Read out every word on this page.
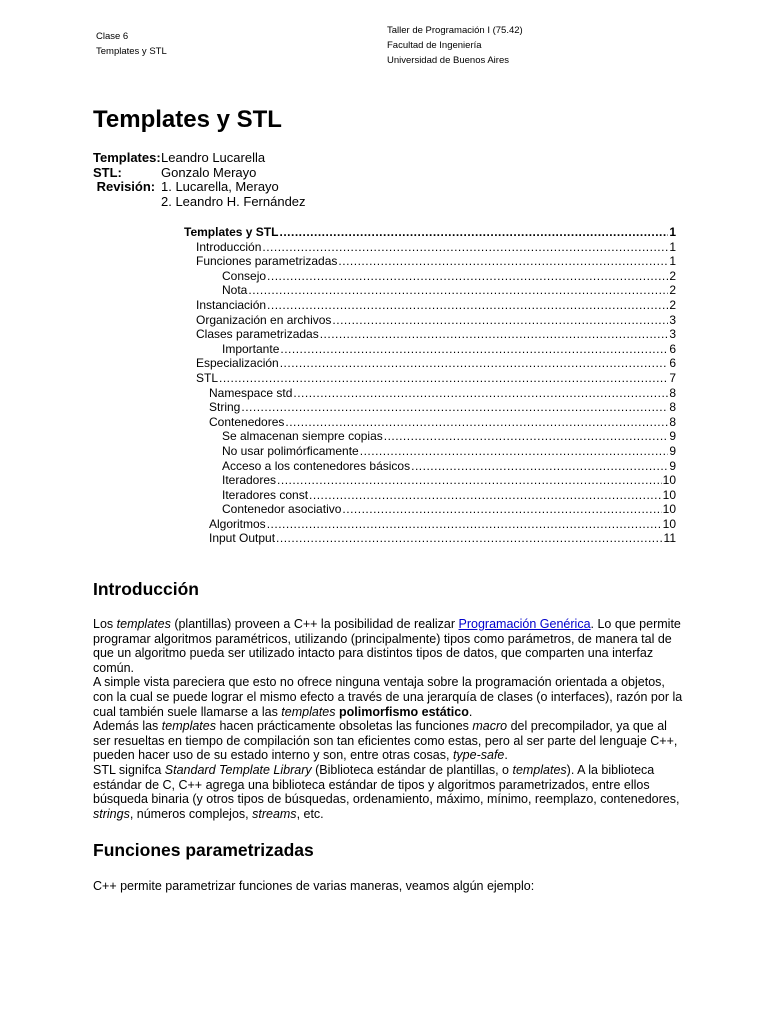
Clase 6
Templates y STL
Taller de Programación I (75.42)
Facultad de Ingeniería
Universidad de Buenos Aires
Templates y STL
Templates: Leandro Lucarella
STL:	Gonzalo Merayo
Revisión: 1. Lucarella, Merayo
2. Leandro H. Fernández
Templates y STL .....	1
Introducción .....	1
Funciones parametrizadas .....	1
Consejo .....	2
Nota .....	2
Instanciación .....	2
Organización en archivos .....	3
Clases parametrizadas .....	3
Importante .....	6
Especialización .....	6
STL .....	7
Namespace std .....	8
String .....	8
Contenedores .....	8
Se almacenan siempre copias .....	9
No usar polimórficamente .....	9
Acceso a los contenedores básicos .....	9
Iteradores .....	10
Iteradores const .....	10
Contenedor asociativo .....	10
Algoritmos .....	10
Input Output .....	11
Introducción

Los templates (plantillas) proveen a C++ la posibilidad de realizar Programación Genérica. Lo que permite programar algoritmos paramétricos, utilizando (principalmente) tipos como parámetros, de manera tal de que un algoritmo pueda ser utilizado intacto para distintos tipos de datos, que comparten una interfaz común.

A simple vista pareciera que esto no ofrece ninguna ventaja sobre la programación orientada a objetos, con la cual se puede lograr el mismo efecto a través de una jerarquía de clases (o interfaces), razón por la cual también suele llamarse a las templates polimorfismo estático.

Además las templates hacen prácticamente obsoletas las funciones macro del precompilador, ya que al ser resueltas en tiempo de compilación son tan eficientes como estas, pero al ser parte del lenguaje C++, pueden hacer uso de su estado interno y son, entre otras cosas, type-safe.

STL signifca Standard Template Library (Biblioteca estándar de plantillas, o templates). A la biblioteca estándar de C, C++ agrega una biblioteca estándar de tipos y algoritmos parametrizados, entre ellos búsqueda binaria (y otros tipos de búsquedas, ordenamiento, máximo, mínimo, reemplazo, contenedores, strings, números complejos, streams, etc.

Funciones parametrizadas

C++ permite parametrizar funciones de varias maneras, veamos algún ejemplo:
